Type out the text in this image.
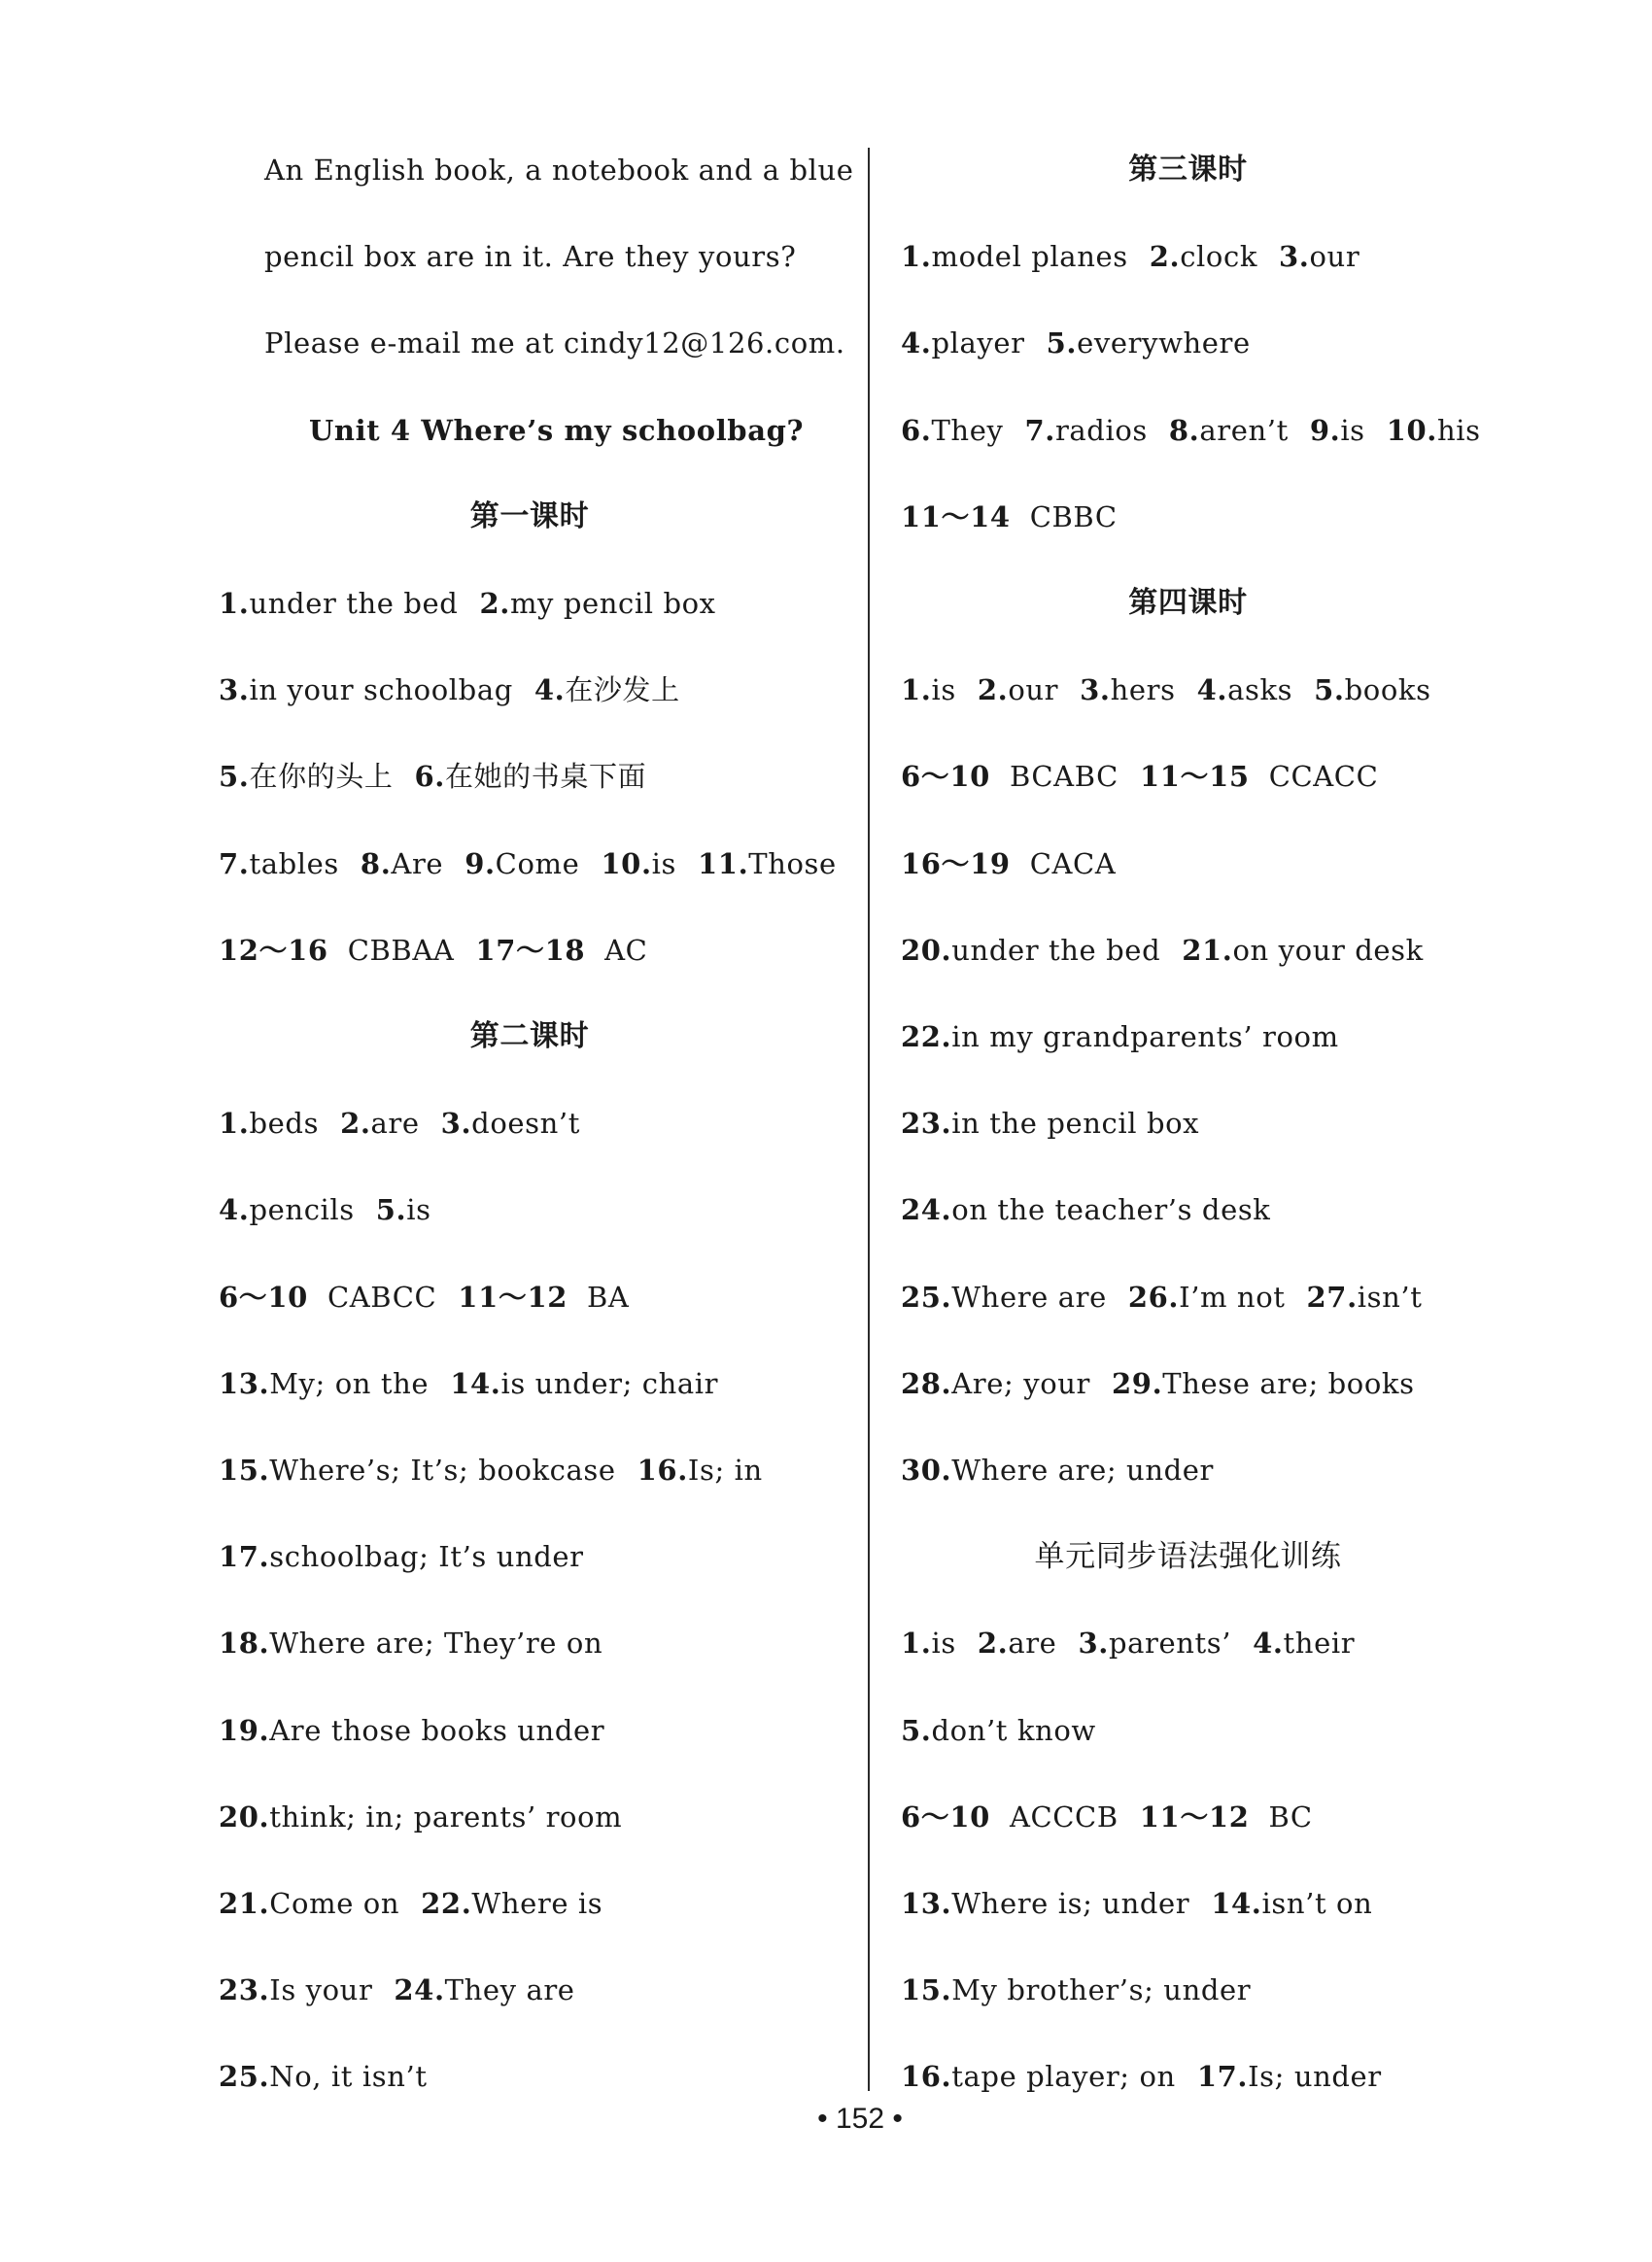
An English book, a notebook and a blue
pencil box are in it. Are they yours?
Please e-mail me at cindy12@126.com.
Unit 4 Where’s my schoolbag?
第一课时
1.under the bed 2.my pencil box
3.in your schoolbag 4.在沙发上
5.在你的头上 6.在她的书桌下面
7.tables 8.Are 9.Come 10.is 11.Those
12～16 CBBAA 17～18 AC
第二课时
1.beds 2.are 3.doesn’t
4.pencils 5.is
6～10 CABCC 11～12 BA
13.My; on the 14.is under; chair
15.Where’s; It’s; bookcase 16.Is; in
17.schoolbag; It’s under
18.Where are; They’re on
19.Are those books under
20.think; in; parents’ room
21.Come on 22.Where is
23.Is your 24.They are
25.No, it isn’t
第三课时
1.model planes 2.clock 3.our
4.player 5.everywhere
6.They 7.radios 8.aren’t 9.is 10.his
11～14 CBBC
第四课时
1.is 2.our 3.hers 4.asks 5.books
6～10 BCABC 11～15 CCACC
16～19 CACA
20.under the bed 21.on your desk
22.in my grandparents’ room
23.in the pencil box
24.on the teacher’s desk
25.Where are 26.I’m not 27.isn’t
28.Are; your 29.These are; books
30.Where are; under
单元同步语法强化训练
1.is 2.are 3.parents’ 4.their
5.don’t know
6～10 ACCCB 11～12 BC
13.Where is; under 14.isn’t on
15.My brother’s; under
16.tape player; on 17.Is; under
• 152 •
